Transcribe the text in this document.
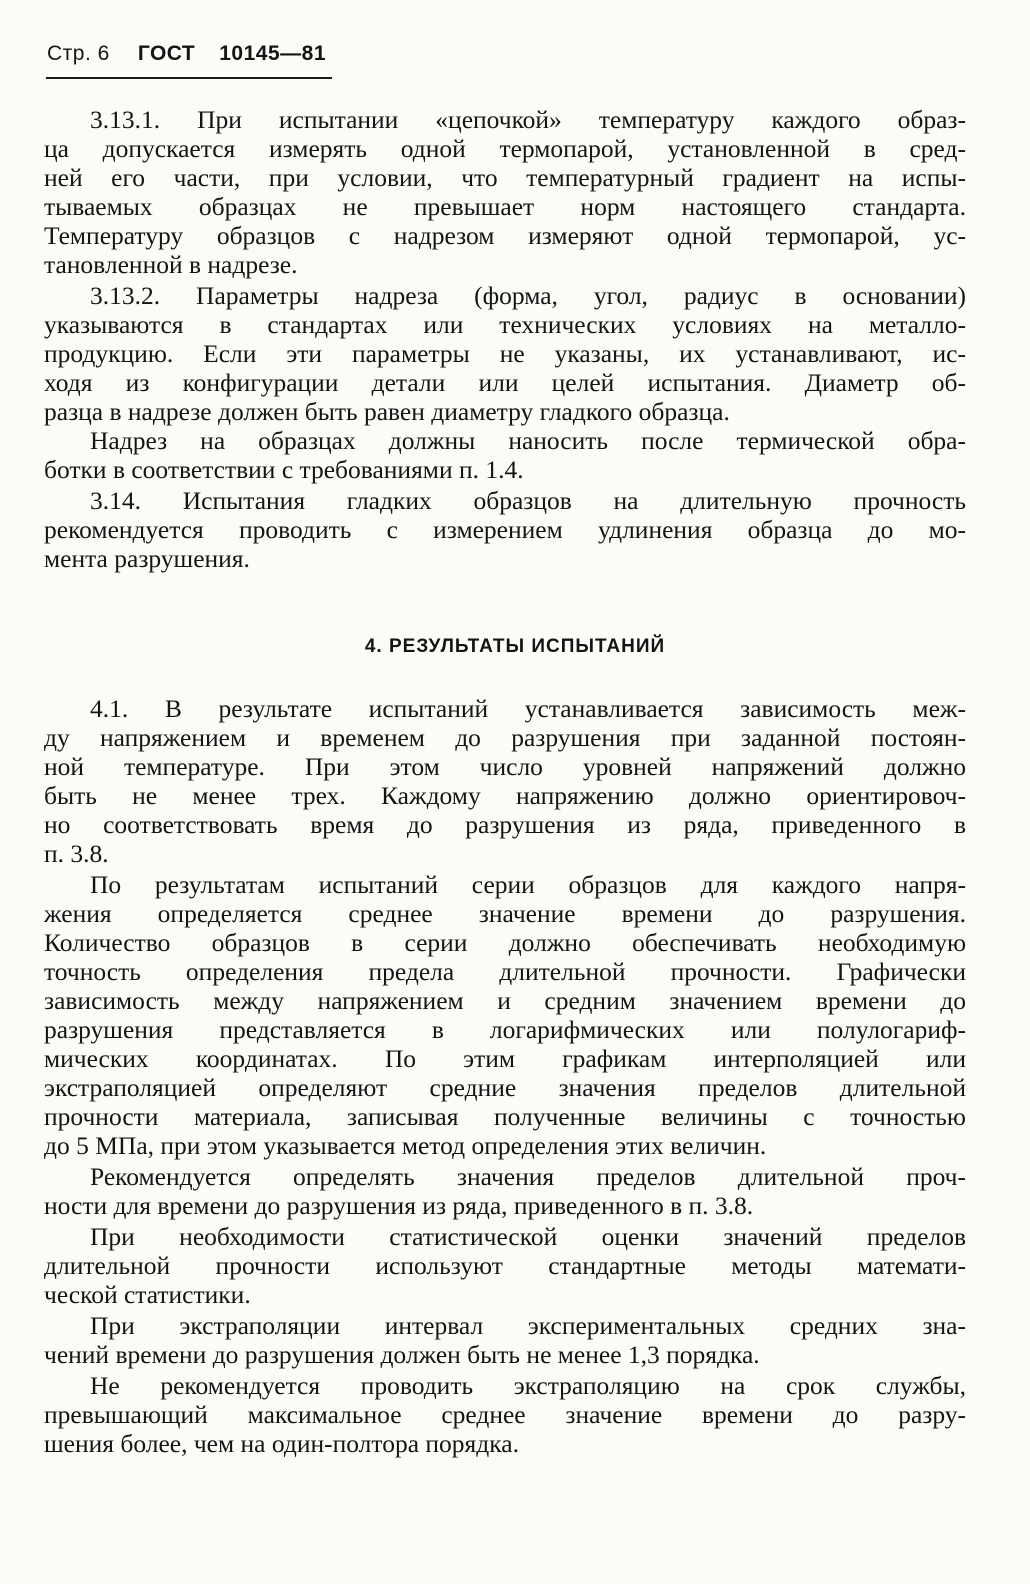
Стр. 6 ГОСТ 10145—81
3.13.1. При испытании «цепочкой» температуру каждого образ-
ца допускается измерять одной термопарой, установленной в сред-
ней его части, при условии, что температурный градиент на испы-
тываемых образцах не превышает норм настоящего стандарта.
Температуру образцов с надрезом измеряют одной термопарой, ус-
тановленной в надрезе.
3.13.2. Параметры надреза (форма, угол, радиус в основании)
указываются в стандартах или технических условиях на металло-
продукцию. Если эти параметры не указаны, их устанавливают, ис-
ходя из конфигурации детали или целей испытания. Диаметр об-
разца в надрезе должен быть равен диаметру гладкого образца.
Надрез на образцах должны наносить после термической обра-
ботки в соответствии с требованиями п. 1.4.
3.14. Испытания гладких образцов на длительную прочность
рекомендуется проводить с измерением удлинения образца до мо-
мента разрушения.
4. РЕЗУЛЬТАТЫ ИСПЫТАНИЙ
4.1. В результате испытаний устанавливается зависимость меж-
ду напряжением и временем до разрушения при заданной постоян-
ной температуре. При этом число уровней напряжений должно
быть не менее трех. Каждому напряжению должно ориентировоч-
но соответствовать время до разрушения из ряда, приведенного в
п. 3.8.
По результатам испытаний серии образцов для каждого напря-
жения определяется среднее значение времени до разрушения.
Количество образцов в серии должно обеспечивать необходимую
точность определения предела длительной прочности. Графически
зависимость между напряжением и средним значением времени до
разрушения представляется в логарифмических или полулогариф-
мических координатах. По этим графикам интерполяцией или
экстраполяцией определяют средние значения пределов длительной
прочности материала, записывая полученные величины с точностью
до 5 МПа, при этом указывается метод определения этих величин.
Рекомендуется определять значения пределов длительной проч-
ности для времени до разрушения из ряда, приведенного в п. 3.8.
При необходимости статистической оценки значений пределов
длительной прочности используют стандартные методы математи-
ческой статистики.
При экстраполяции интервал экспериментальных средних зна-
чений времени до разрушения должен быть не менее 1,3 порядка.
Не рекомендуется проводить экстраполяцию на срок службы,
превышающий максимальное среднее значение времени до разру-
шения более, чем на один-полтора порядка.
